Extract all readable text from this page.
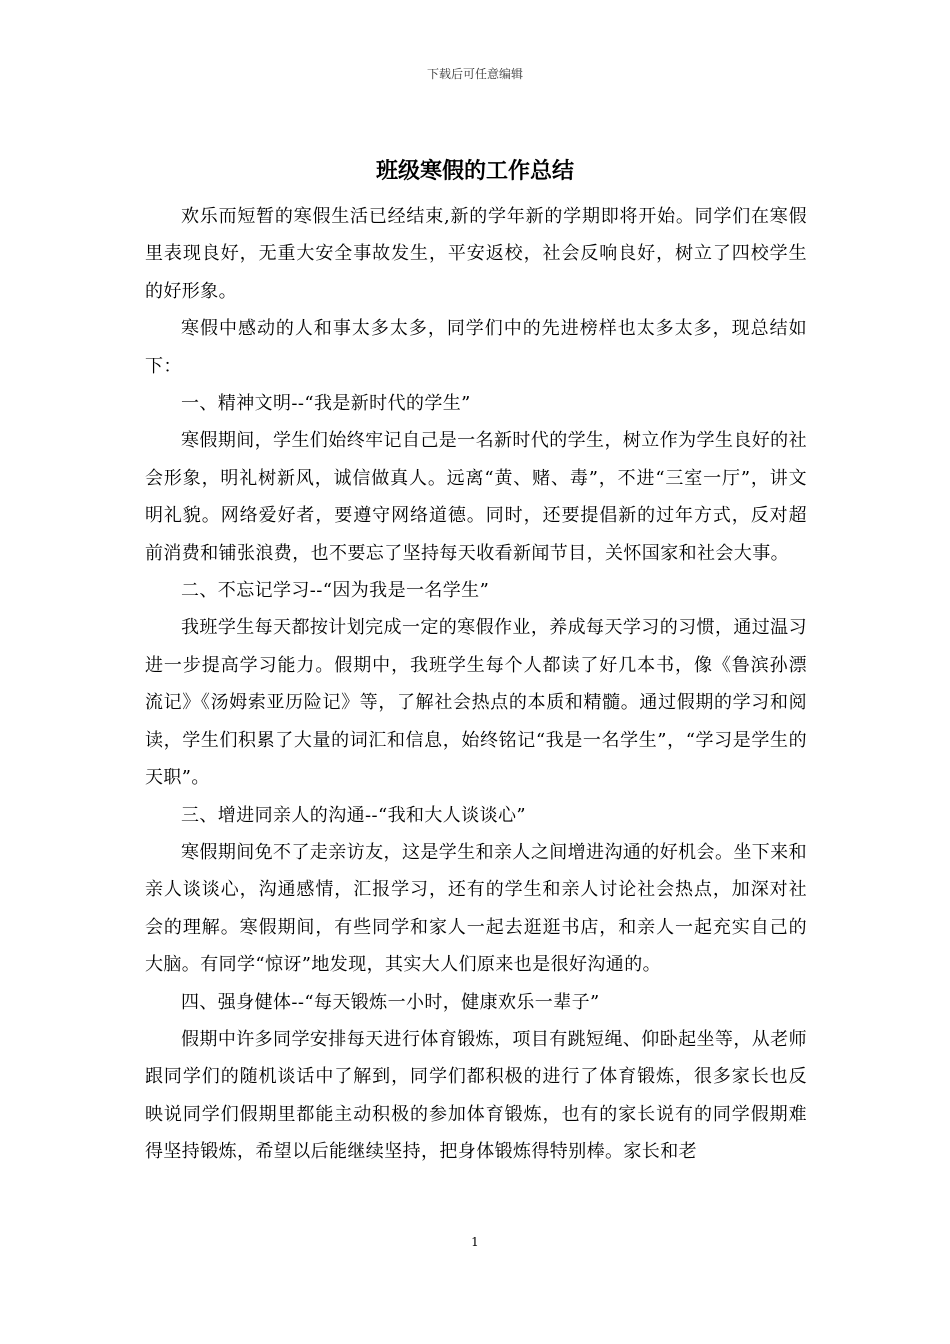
下载后可任意编辑
班级寒假的工作总结

欢乐而短暂的寒假生活已经结束,新的学年新的学期即将开始。同学们在寒假里表现良好，无重大安全事故发生，平安返校，社会反响良好，树立了四校学生的好形象。

寒假中感动的人和事太多太多，同学们中的先进榜样也太多太多，现总结如下：

一、精神文明--“我是新时代的学生”

寒假期间，学生们始终牢记自己是一名新时代的学生，树立作为学生良好的社会形象，明礼树新风，诚信做真人。远离“黄、赌、毒”，不进“三室一厅”，讲文明礼貌。网络爱好者，要遵守网络道德。同时，还要提倡新的过年方式，反对超前消费和铺张浪费，也不要忘了坚持每天收看新闻节目，关怀国家和社会大事。

二、不忘记学习--“因为我是一名学生”

我班学生每天都按计划完成一定的寒假作业，养成每天学习的习惯，通过温习进一步提高学习能力。假期中，我班学生每个人都读了好几本书，像《鲁滨孙漂流记》《汤姆索亚历险记》等，了解社会热点的本质和精髓。通过假期的学习和阅读，学生们积累了大量的词汇和信息，始终铭记“我是一名学生”，“学习是学生的天职”。

三、增进同亲人的沟通--“我和大人谈谈心”

寒假期间免不了走亲访友，这是学生和亲人之间增进沟通的好机会。坐下来和亲人谈谈心，沟通感情，汇报学习，还有的学生和亲人讨论社会热点，加深对社会的理解。寒假期间，有些同学和家人一起去逛逛书店，和亲人一起充实自己的大脑。有同学“惊讶”地发现，其实大人们原来也是很好沟通的。

四、强身健体--“每天锻炼一小时，健康欢乐一辈子”

假期中许多同学安排每天进行体育锻炼，项目有跳短绳、仰卧起坐等，从老师跟同学们的随机谈话中了解到，同学们都积极的进行了体育锻炼，很多家长也反映说同学们假期里都能主动积极的参加体育锻炼，也有的家长说有的同学假期难得坚持锻炼，希望以后能继续坚持，把身体锻炼得特别棒。家长和老

1
